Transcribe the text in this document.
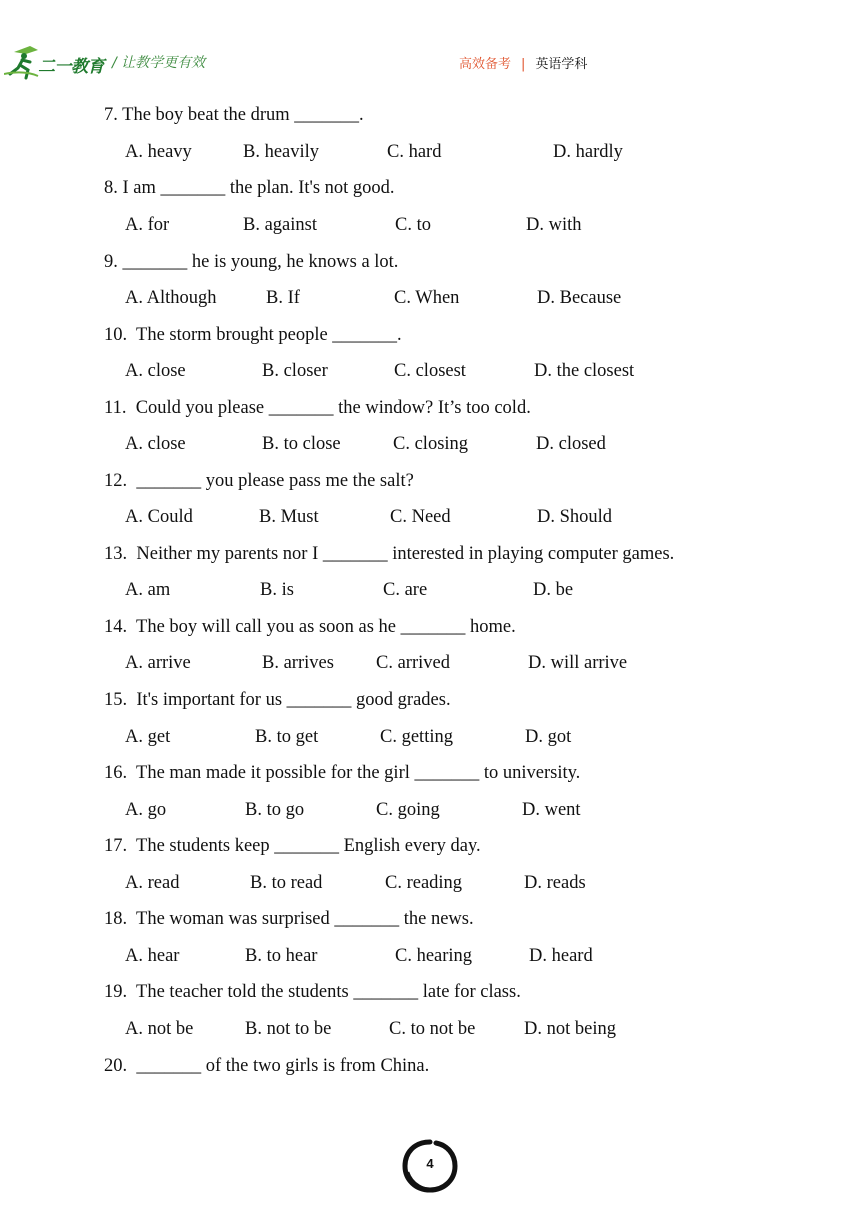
二一教育 / 让教学更有效	高效备考 | 英语学科
7. The boy beat the drum _______.
A. heavy	B. heavily	C. hard	D. hardly
8. I am _______ the plan. It's not good.
A. for	B. against	C. to	D. with
9. _______ he is young, he knows a lot.
A. Although	B. If	C. When	D. Because
10.  The storm brought people _______.
A. close	B. closer	C. closest	D. the closest
11.  Could you please _______ the window? It’s too cold.
A. close	B. to close	C. closing	D. closed
12.  _______ you please pass me the salt?
A. Could	B. Must	C. Need	D. Should
13.  Neither my parents nor I _______ interested in playing computer games.
A. am	B. is	C. are	D. be
14.  The boy will call you as soon as he _______ home.
A. arrive	B. arrives C. arrived	D. will arrive
15.  It's important for us _______ good grades.
A. get	B. to get	C. getting	D. got
16.  The man made it possible for the girl _______ to university.
A. go	B. to go	C. going	D. went
17.  The students keep _______ English every day.
A. read	B. to read	C. reading	D. reads
18.  The woman was surprised _______ the news.
A. hear	B. to hear	C. hearing	D. heard
19.  The teacher told the students _______ late for class.
A. not be	B. not to be	C. to not be	D. not being
20.  _______ of the two girls is from China.
4
